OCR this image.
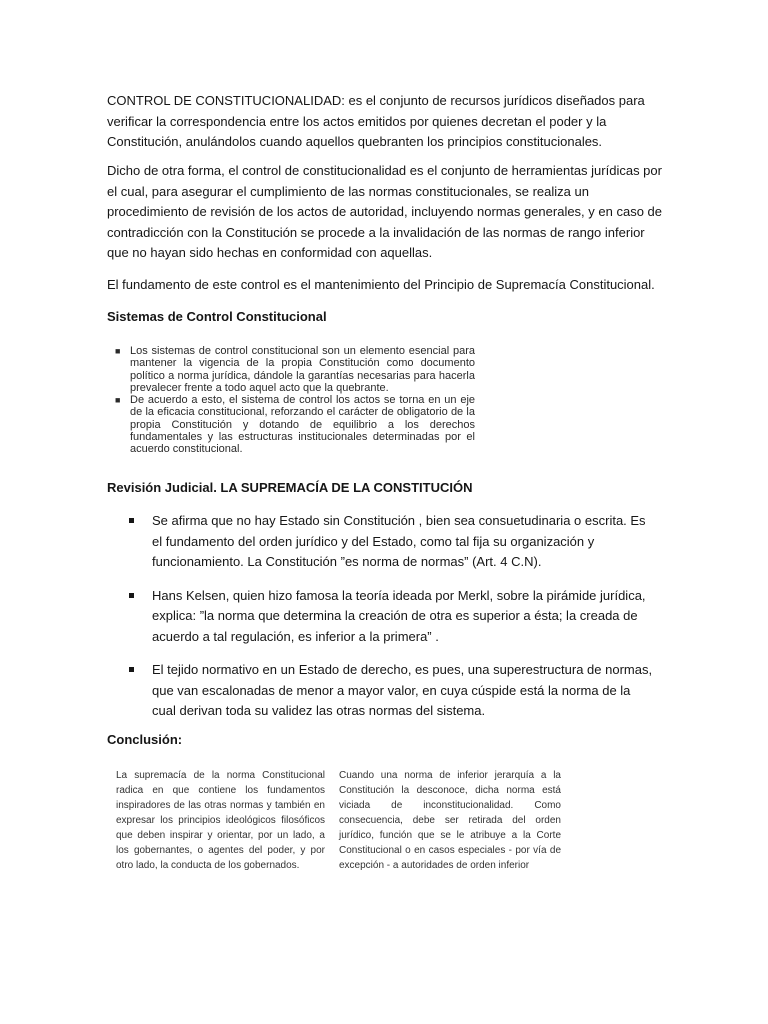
CONTROL DE CONSTITUCIONALIDAD: es el conjunto de recursos jurídicos diseñados para verificar la correspondencia entre los actos emitidos por quienes decretan el poder y la Constitución, anulándolos cuando aquellos quebranten los principios constitucionales.

Dicho de otra forma, el control de constitucionalidad es el conjunto de herramientas jurídicas por el cual, para asegurar el cumplimiento de las normas constitucionales, se realiza un procedimiento de revisión de los actos de autoridad, incluyendo normas generales, y en caso de contradicción con la Constitución se procede a la invalidación de las normas de rango inferior que no hayan sido hechas en conformidad con aquellas.

El fundamento de este control es el mantenimiento del Principio de Supremacía Constitucional.

Sistemas de Control Constitucional
■ Los sistemas de control constitucional son un elemento esencial para mantener la vigencia de la propia Constitución como documento político a norma jurídica, dándole la garantías necesarias para hacerla prevalecer frente a todo aquel acto que la quebrante.
■ De acuerdo a esto, el sistema de control los actos se torna en un eje de la eficacia constitucional, reforzando el carácter de obligatorio de la propia Constitución y dotando de equilibrio a los derechos fundamentales y las estructuras institucionales determinadas por el acuerdo constitucional.
Revisión Judicial. LA SUPREMACÍA DE LA CONSTITUCIÓN
Se afirma que no hay Estado sin Constitución , bien sea consuetudinaria o escrita. Es el fundamento del orden jurídico y del Estado, como tal fija su organización y funcionamiento. La Constitución ”es norma de normas” (Art. 4 C.N).
Hans Kelsen, quien hizo famosa la teoría ideada por Merkl, sobre la pirámide jurídica, explica: ”la norma que determina la creación de otra es superior a ésta; la creada de acuerdo a tal regulación, es inferior a la primera” .
El tejido normativo en un Estado de derecho, es pues, una superestructura de normas, que van escalonadas de menor a mayor valor, en cuya cúspide está la norma de la cual derivan toda su validez las otras normas del sistema.
Conclusión:

La supremacía de la norma Constitucional radica en que contiene los fundamentos inspiradores de las otras normas y también en expresar los principios ideológicos filosóficos que deben inspirar y orientar, por un lado, a los gobernantes, o agentes del poder, y por otro lado, la conducta de los gobernados.

Cuando una norma de inferior jerarquía a la Constitución la desconoce, dicha norma está viciada de inconstitucionalidad. Como consecuencia, debe ser retirada del orden jurídico, función que se le atribuye a la Corte Constitucional o en casos especiales - por vía de excepción - a autoridades de orden inferior
